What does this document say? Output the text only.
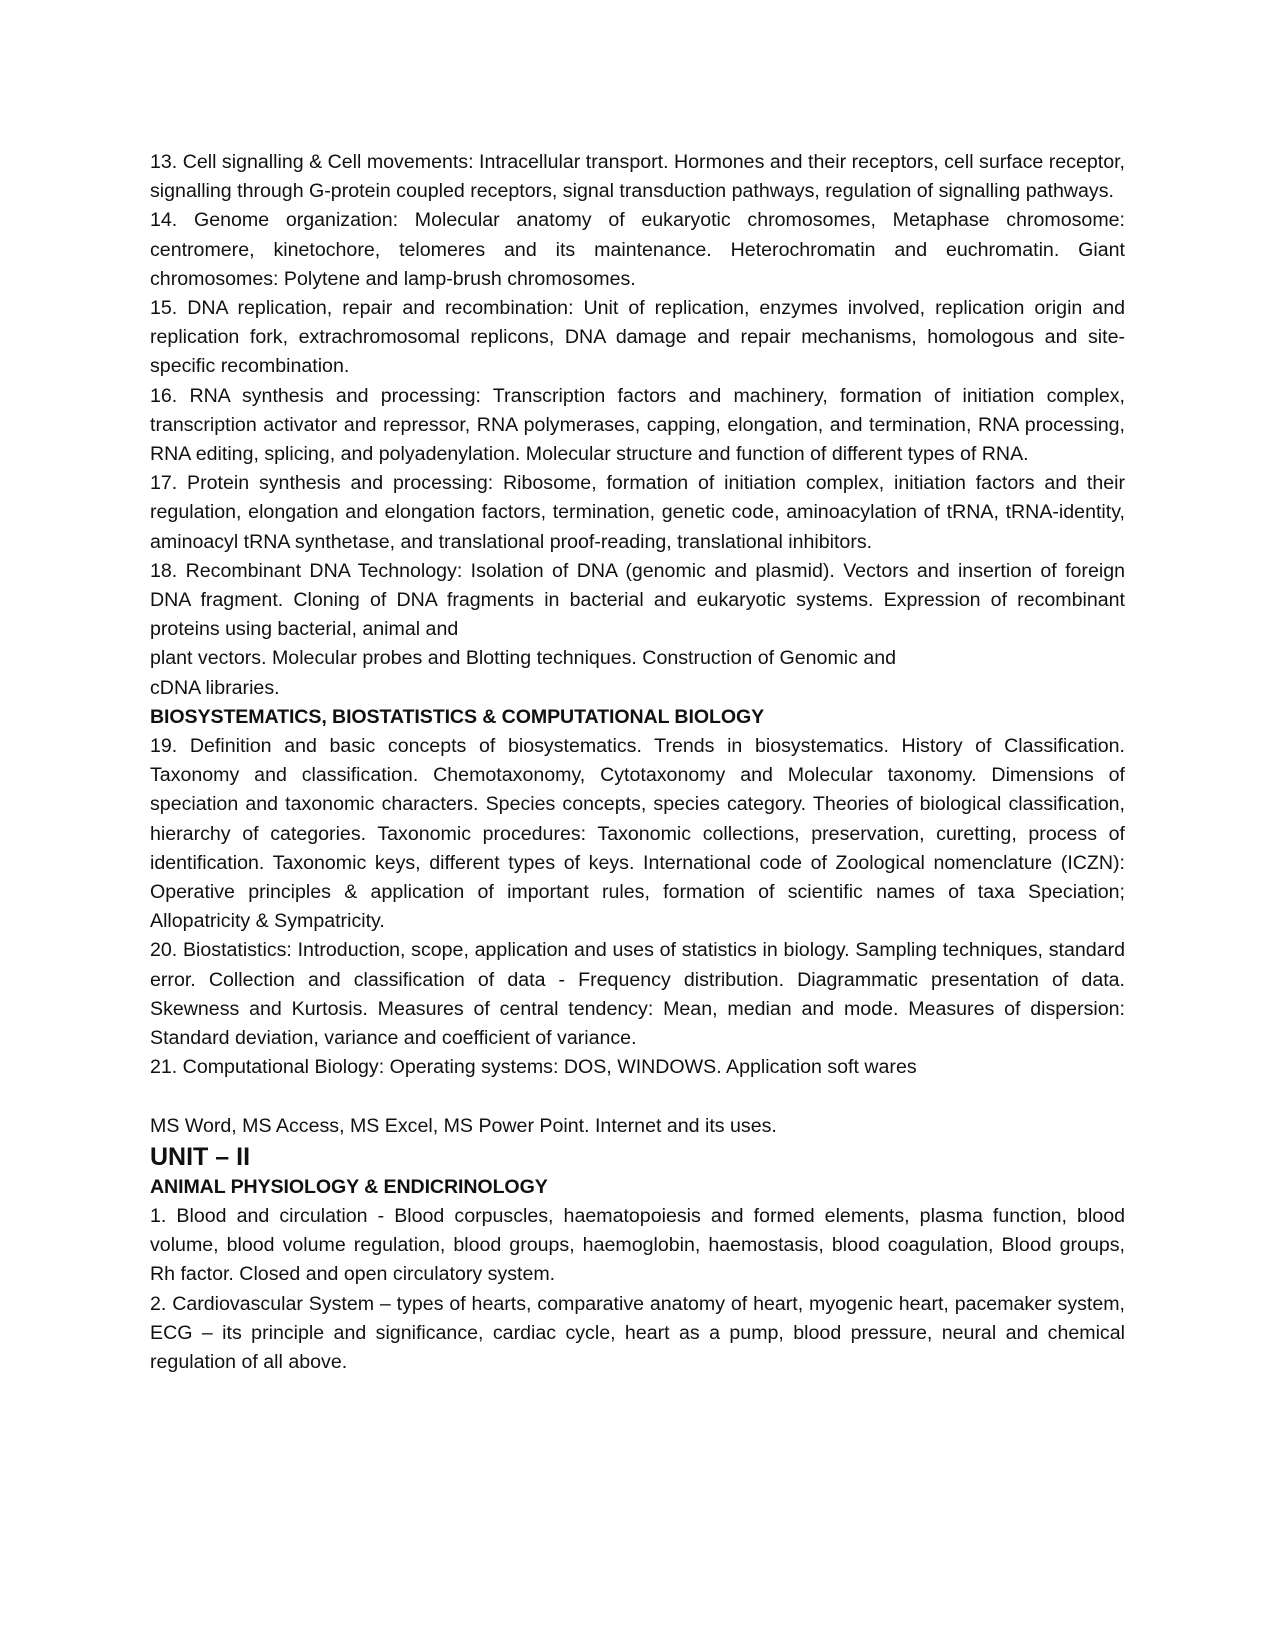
13. Cell signalling & Cell movements: Intracellular transport. Hormones and their receptors, cell surface receptor, signalling through G-protein coupled receptors, signal transduction pathways, regulation of signalling pathways.

14. Genome organization: Molecular anatomy of eukaryotic chromosomes, Metaphase chromosome: centromere, kinetochore, telomeres and its maintenance. Heterochromatin and euchromatin. Giant chromosomes: Polytene and lamp-brush chromosomes.

15. DNA replication, repair and recombination: Unit of replication, enzymes involved, replication origin and replication fork, extrachromosomal replicons, DNA damage and repair mechanisms, homologous and site-specific recombination.

16. RNA synthesis and processing: Transcription factors and machinery, formation of initiation complex, transcription activator and repressor, RNA polymerases, capping, elongation, and termination, RNA processing, RNA editing, splicing, and polyadenylation. Molecular structure and function of different types of RNA.

17. Protein synthesis and processing: Ribosome, formation of initiation complex, initiation factors and their regulation, elongation and elongation factors, termination, genetic code, aminoacylation of tRNA, tRNA-identity, aminoacyl tRNA synthetase, and translational proof-reading, translational inhibitors.

18. Recombinant DNA Technology: Isolation of DNA (genomic and plasmid). Vectors and insertion of foreign DNA fragment. Cloning of DNA fragments in bacterial and eukaryotic systems. Expression of recombinant proteins using bacterial, animal and

plant vectors. Molecular probes and Blotting techniques. Construction of Genomic and

cDNA libraries.

BIOSYSTEMATICS, BIOSTATISTICS & COMPUTATIONAL BIOLOGY

19. Definition and basic concepts of biosystematics. Trends in biosystematics. History of Classification. Taxonomy and classification. Chemotaxonomy, Cytotaxonomy and Molecular taxonomy. Dimensions of speciation and taxonomic characters. Species concepts, species category. Theories of biological classification, hierarchy of categories. Taxonomic procedures: Taxonomic collections, preservation, curetting, process of identification. Taxonomic keys, different types of keys. International code of Zoological nomenclature (ICZN): Operative principles & application of important rules, formation of scientific names of taxa Speciation; Allopatricity & Sympatricity.

20. Biostatistics: Introduction, scope, application and uses of statistics in biology. Sampling techniques, standard error. Collection and classification of data - Frequency distribution. Diagrammatic presentation of data. Skewness and Kurtosis. Measures of central tendency: Mean, median and mode. Measures of dispersion: Standard deviation, variance and coefficient of variance.

21. Computational Biology: Operating systems: DOS, WINDOWS. Application soft wares

MS Word, MS Access, MS Excel, MS Power Point. Internet and its uses.

UNIT – II

ANIMAL PHYSIOLOGY & ENDICRINOLOGY

1. Blood and circulation - Blood corpuscles, haematopoiesis and formed elements, plasma function, blood volume, blood volume regulation, blood groups, haemoglobin, haemostasis, blood coagulation, Blood groups, Rh factor. Closed and open circulatory system.

2. Cardiovascular System – types of hearts, comparative anatomy of heart, myogenic heart, pacemaker system, ECG – its principle and significance, cardiac cycle, heart as a pump, blood pressure, neural and chemical regulation of all above.
